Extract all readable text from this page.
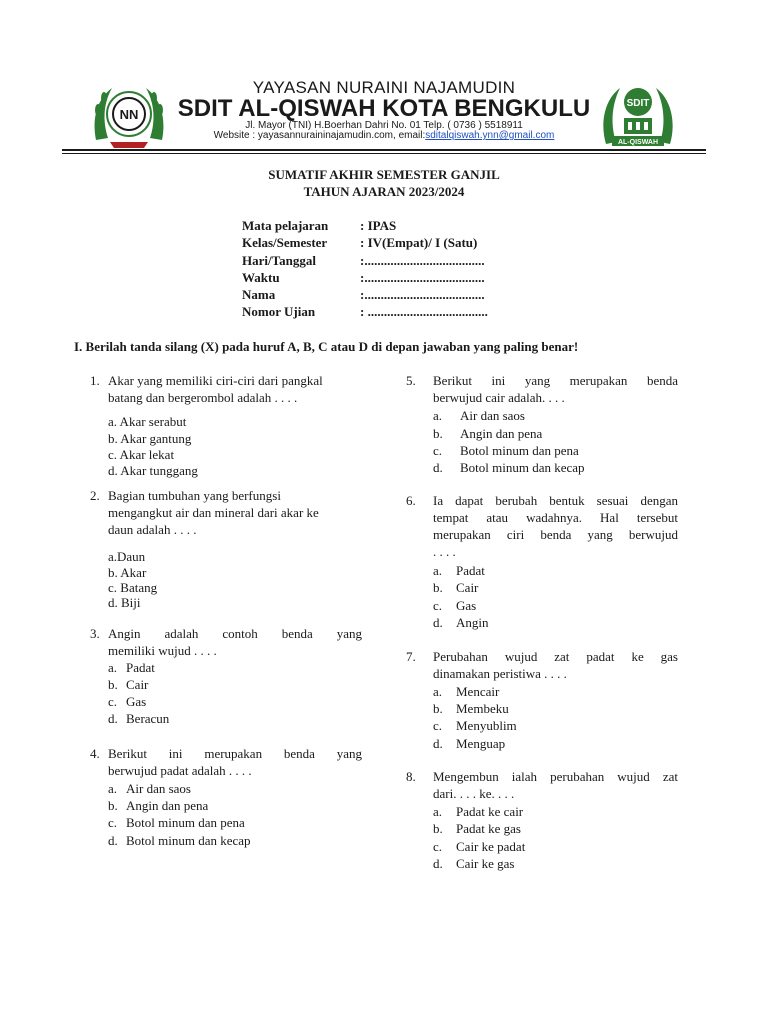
NN
SDIT
AL-QISWAH
YAYASAN NURAINI NAJAMUDIN
SDIT AL-QISWAH KOTA BENGKULU
Jl. Mayor (TNI) H.Boerhan Dahri No. 01 Telp. ( 0736 ) 5518911
Website : yayasannuraininajamudin.com, email:sditalqiswah.ynn@gmail.com
SUMATIF AKHIR SEMESTER GANJIL
TAHUN AJARAN 2023/2024
Mata pelajaran : IPAS
Kelas/Semester	: IV(Empat)/ I (Satu)
Hari/Tanggal	:.....................................
Waktu	:.....................................
Nama	:.....................................
Nomor Ujian	: .....................................
I. Berilah tanda silang (X) pada huruf A, B, C atau D di depan jawaban yang paling benar!
1. Akar yang memiliki ciri-ciri dari pangkal
batang dan bergerombol adalah . . . .
a. Akar serabut
b. Akar gantung
c. Akar lekat
d. Akar tunggang
2. Bagian tumbuhan yang berfungsi
mengangkut air dan mineral dari akar ke
daun adalah . . . .
a.Daun
b. Akar
c. Batang
d. Biji
3. Angin adalah contoh benda yang
memiliki wujud . . . .
a. Padat
b. Cair
c. Gas
d. Beracun
4. Berikut ini merupakan benda yang
berwujud padat adalah . . . .
a. Air dan saos
b. Angin dan pena
c. Botol minum dan pena
d. Botol minum dan kecap
5. Berikut ini yang merupakan benda
berwujud cair adalah. . . .
a. Air dan saos
b. Angin dan pena
c. Botol minum dan pena
d. Botol minum dan kecap
6. Ia dapat berubah bentuk sesuai dengan
tempat atau wadahnya. Hal tersebut
merupakan ciri benda yang berwujud
. . . .
a. Padat
b. Cair
c. Gas
d. Angin
7. Perubahan wujud zat padat ke gas
dinamakan peristiwa . . . .
a. Mencair
b. Membeku
c. Menyublim
d. Menguap
8. Mengembun ialah perubahan wujud zat
dari. . . . ke. . . .
a. Padat ke cair
b. Padat ke gas
c. Cair ke padat
d. Cair ke gas
